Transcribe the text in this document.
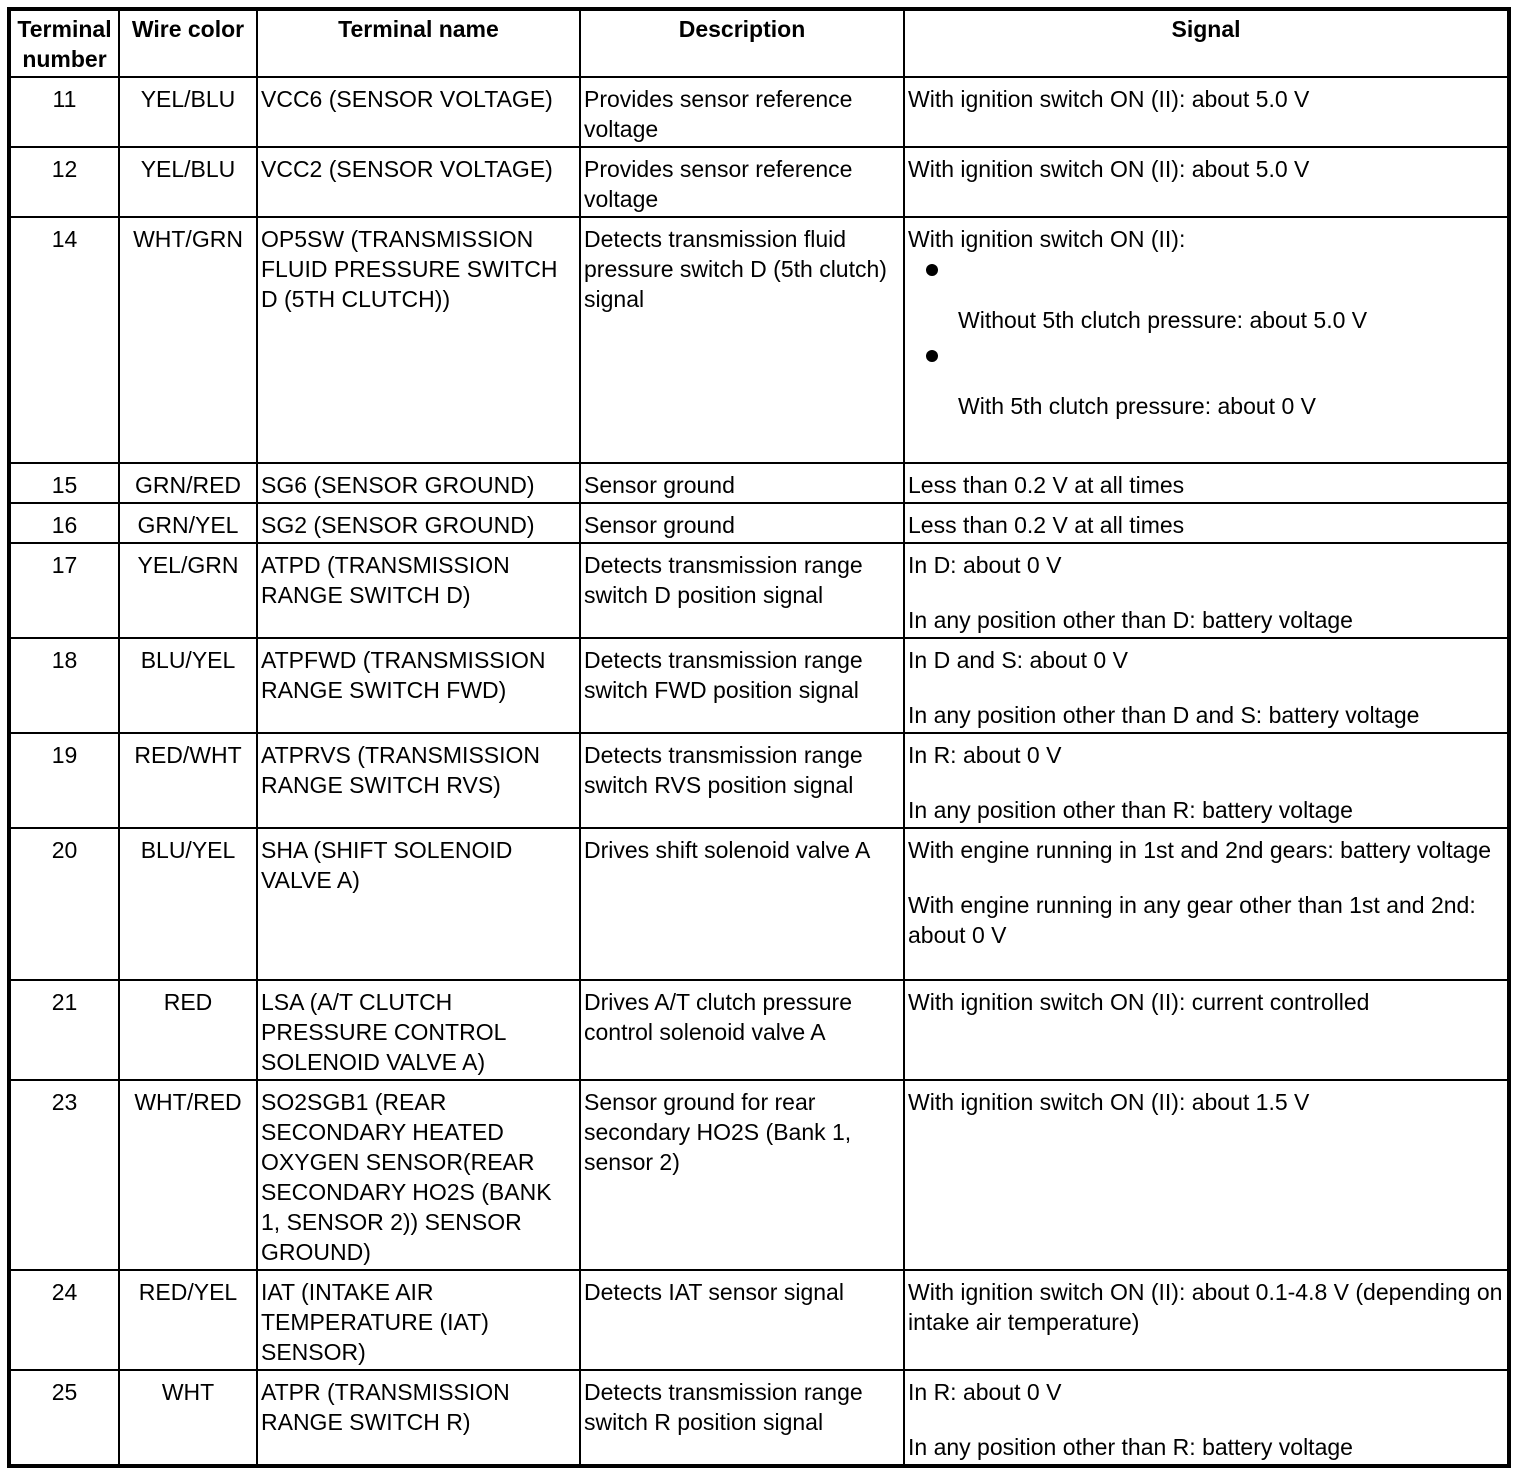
Terminal number	Wire color	Terminal name	Description	Signal
11	YEL/BLU	VCC6 (SENSOR VOLTAGE)	Provides sensor reference voltage	With ignition switch ON (II): about 5.0 V

12	YEL/BLU	VCC2 (SENSOR VOLTAGE)	Provides sensor reference voltage	With ignition switch ON (II): about 5.0 V

14	WHT/GRN	OP5SW (TRANSMISSION FLUID PRESSURE SWITCH D (5TH CLUTCH))	Detects transmission fluid pressure switch D (5th clutch) signal	With ignition switch ON (II):
Without 5th clutch pressure: about 5.0 V
With 5th clutch pressure: about 0 V

15	GRN/RED	SG6 (SENSOR GROUND)	Sensor ground	Less than 0.2 V at all times

16	GRN/YEL	SG2 (SENSOR GROUND)	Sensor ground	Less than 0.2 V at all times

17	YEL/GRN	ATPD (TRANSMISSION RANGE SWITCH D)	Detects transmission range switch D position signal	In D: about 0 V
In any position other than D: battery voltage

18	BLU/YEL	ATPFWD (TRANSMISSION RANGE SWITCH FWD)	Detects transmission range switch FWD position signal	In D and S: about 0 V
In any position other than D and S: battery voltage

19	RED/WHT	ATPRVS (TRANSMISSION RANGE SWITCH RVS)	Detects transmission range switch RVS position signal	In R: about 0 V
In any position other than R: battery voltage

20	BLU/YEL	SHA (SHIFT SOLENOID VALVE A)	Drives shift solenoid valve A	With engine running in 1st and 2nd gears: battery voltage
With engine running in any gear other than 1st and 2nd: about 0 V

21	RED	LSA (A/T CLUTCH PRESSURE CONTROL SOLENOID VALVE A)	Drives A/T clutch pressure control solenoid valve A	With ignition switch ON (II): current controlled

23	WHT/RED	SO2SGB1 (REAR SECONDARY HEATED OXYGEN SENSOR(REAR SECONDARY HO2S (BANK 1, SENSOR 2)) SENSOR GROUND)	Sensor ground for rear secondary HO2S (Bank 1, sensor 2)	With ignition switch ON (II): about 1.5 V

24	RED/YEL	IAT (INTAKE AIR TEMPERATURE (IAT) SENSOR)	Detects IAT sensor signal	With ignition switch ON (II): about 0.1-4.8 V (depending on intake air temperature)

25	WHT	ATPR (TRANSMISSION RANGE SWITCH R)	Detects transmission range switch R position signal	In R: about 0 V
In any position other than R: battery voltage
